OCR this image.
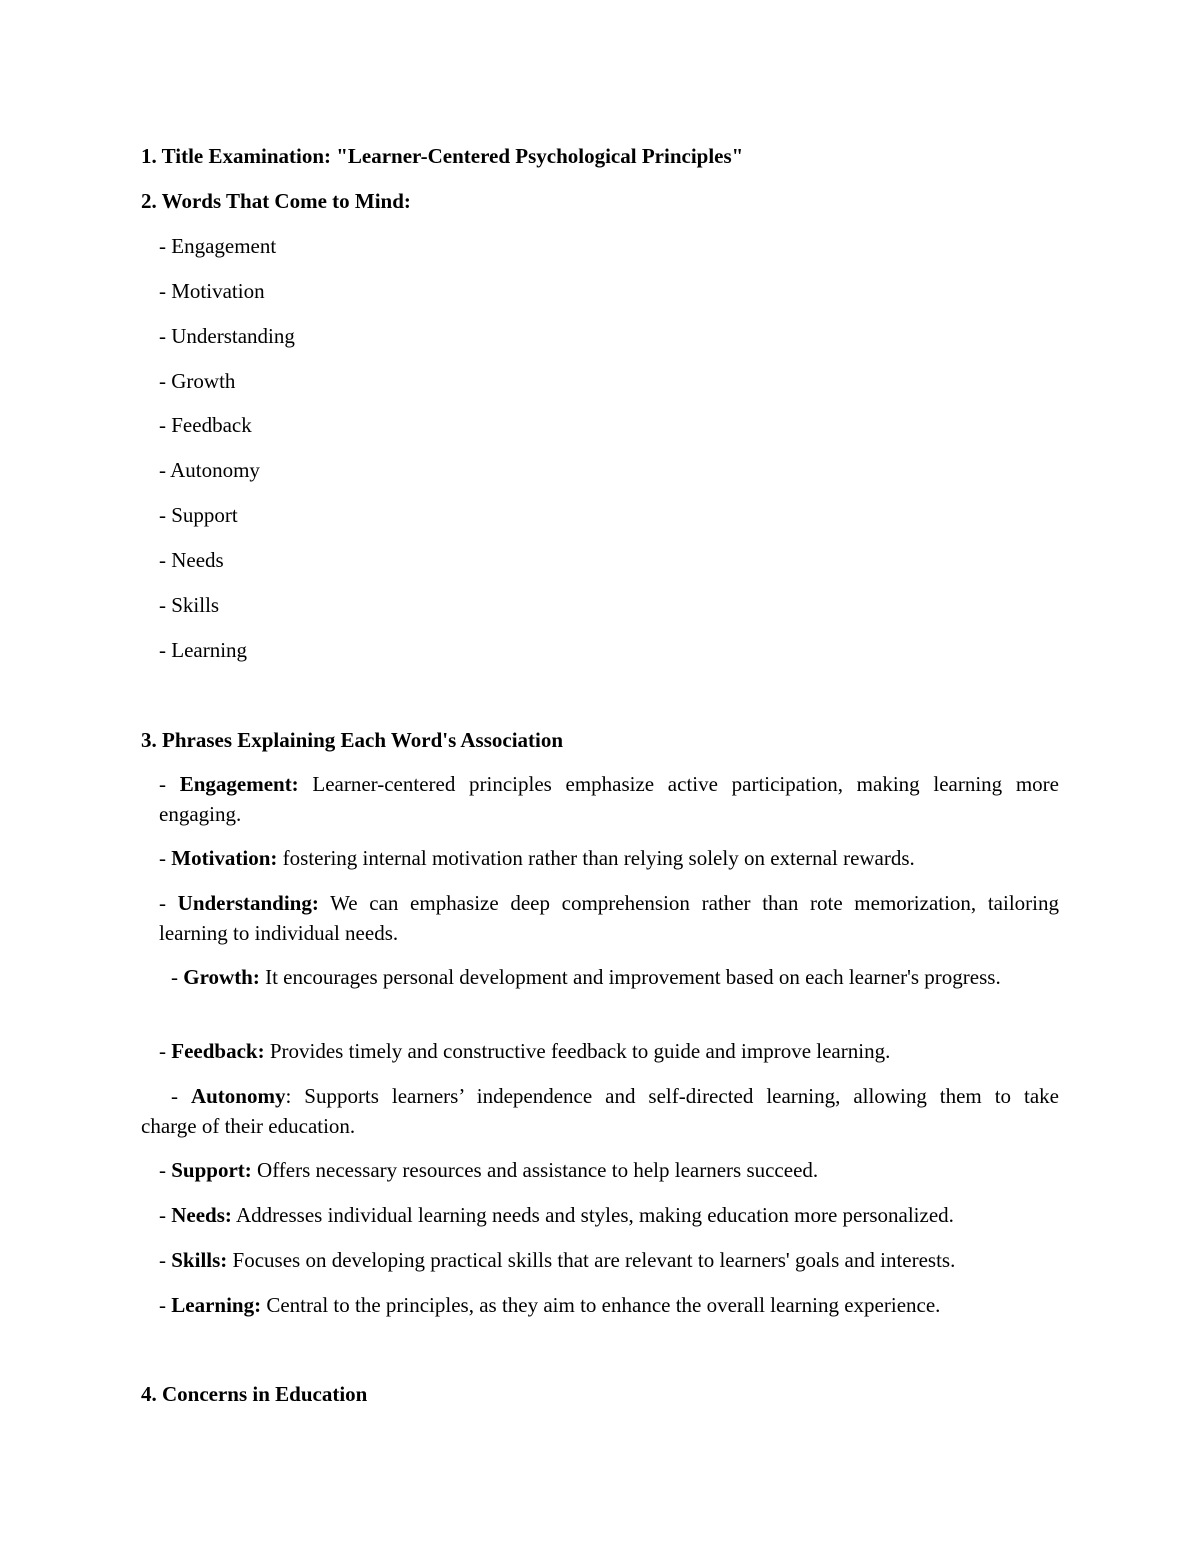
1. Title Examination: "Learner-Centered Psychological Principles"
2. Words That Come to Mind:
- Engagement
- Motivation
- Understanding
- Growth
- Feedback
- Autonomy
- Support
- Needs
- Skills
- Learning
3. Phrases Explaining Each Word's Association
- Engagement: Learner-centered principles emphasize active participation, making learning more engaging.
- Motivation: fostering internal motivation rather than relying solely on external rewards.
- Understanding: We can emphasize deep comprehension rather than rote memorization, tailoring learning to individual needs.
- Growth: It encourages personal development and improvement based on each learner's progress.
- Feedback: Provides timely and constructive feedback to guide and improve learning.
- Autonomy: Supports learners’ independence and self-directed learning, allowing them to take       charge of their education.
- Support: Offers necessary resources and assistance to help learners succeed.
- Needs: Addresses individual learning needs and styles, making education more personalized.
- Skills: Focuses on developing practical skills that are relevant to learners' goals and interests.
- Learning: Central to the principles, as they aim to enhance the overall learning experience.
4. Concerns in Education
